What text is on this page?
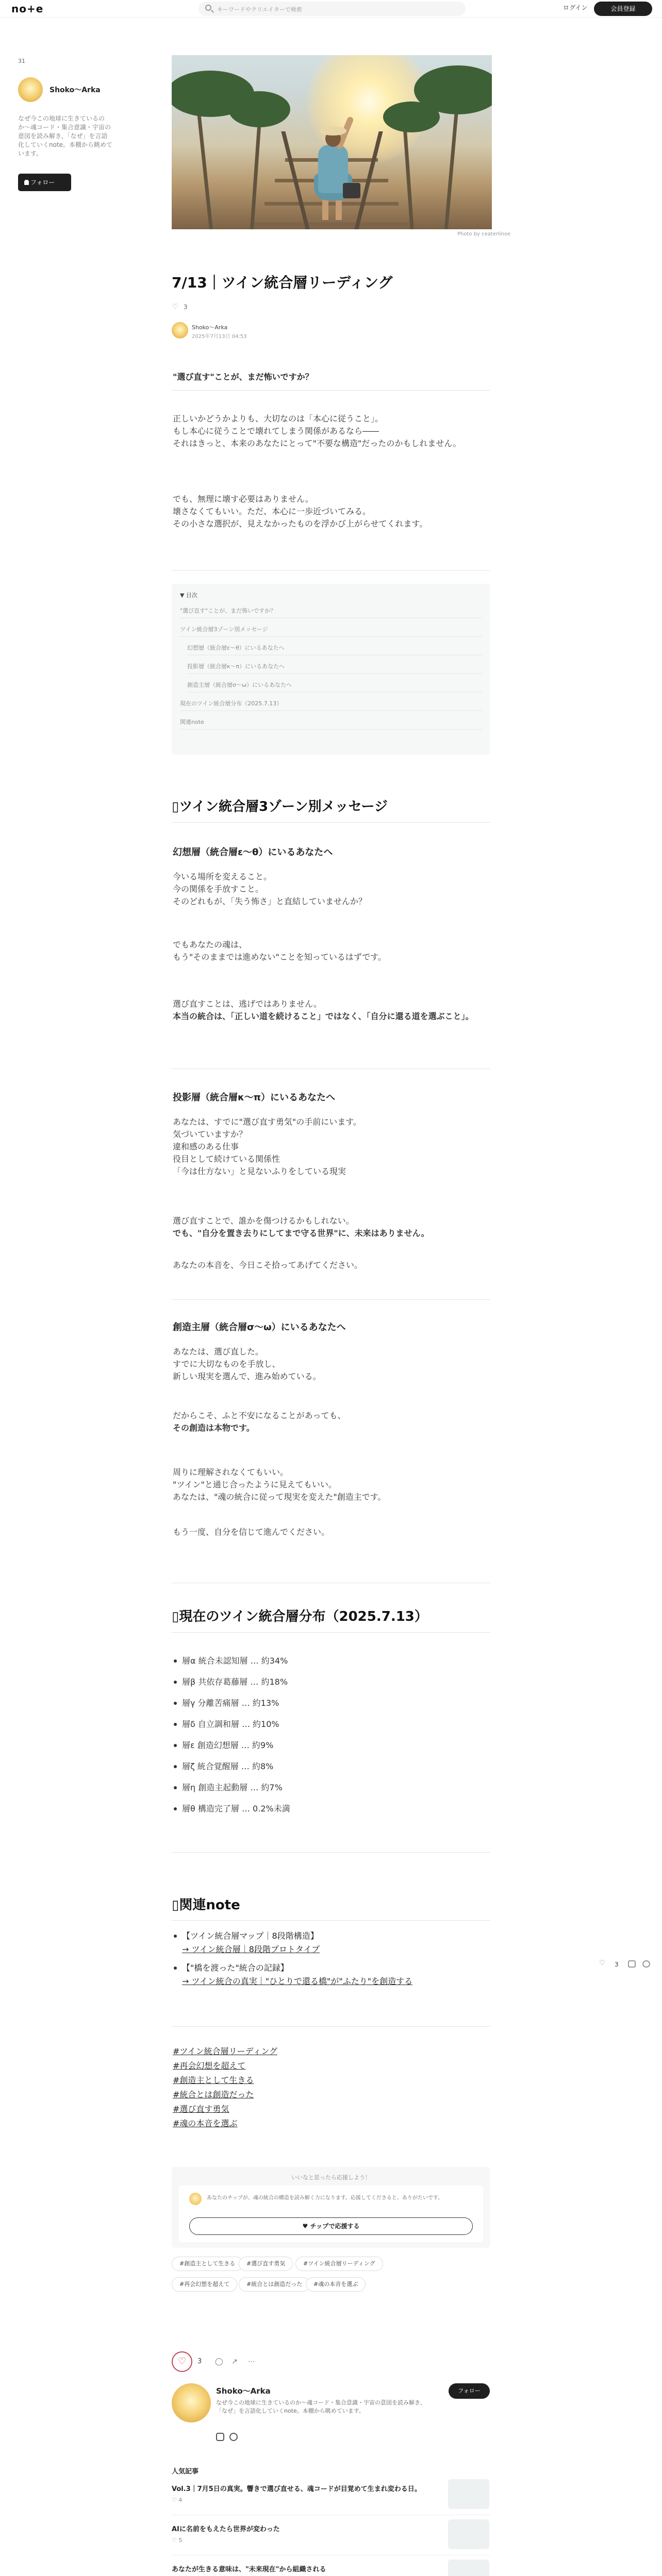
no+e	キーワードやクリエイターで検索	ログイン	会員登録
31
Shoko〜Arka
なぜ今この地球に生きているのか〜魂コード・集合意識・宇宙の意図を読み解き、「なぜ」を言語化していくnote。本棚から眺めています。
フォロー
Photo by ceaterlinoe
7/13｜ツイン統合層リーディング
♡ 3
Shoko〜Arka
2025年7月13日 04:53
"選び直す"ことが、まだ怖いですか？
正しいかどうかよりも、大切なのは「本心に従うこと」。
もし本心に従うことで壊れてしまう関係があるなら――
それはきっと、本来のあなたにとって"不要な構造"だったのかもしれません。
でも、無理に壊す必要はありません。
壊さなくてもいい。ただ、本心に一歩近づいてみる。
その小さな選択が、見えなかったものを浮かび上がらせてくれます。
▼ 目次
"選び直す"ことが、まだ怖いですか？
ツイン統合層3ゾーン別メッセージ
幻想層（統合層ε〜θ）にいるあなたへ
投影層（統合層κ〜π）にいるあなたへ
創造主層（統合層σ〜ω）にいるあなたへ
現在のツイン統合層分布（2025.7.13）
関連note
▯ツイン統合層3ゾーン別メッセージ
幻想層（統合層ε〜θ）にいるあなたへ
今いる場所を変えること。
今の関係を手放すこと。
そのどれもが、「失う怖さ」と直結していませんか？
でもあなたの魂は、
もう"そのままでは進めない"ことを知っているはずです。
選び直すことは、逃げではありません。
本当の統合は、「正しい道を続けること」ではなく、「自分に還る道を選ぶこと」。
投影層（統合層κ〜π）にいるあなたへ
あなたは、すでに"選び直す勇気"の手前にいます。
気づいていますか？
違和感のある仕事
役目として続けている関係性
「今は仕方ない」と見ないふりをしている現実
選び直すことで、誰かを傷つけるかもしれない。
でも、"自分を置き去りにしてまで守る世界"に、未来はありません。
あなたの本音を、今日こそ拾ってあげてください。
創造主層（統合層σ〜ω）にいるあなたへ
あなたは、選び直した。
すでに大切なものを手放し、
新しい現実を選んで、進み始めている。
だからこそ、ふと不安になることがあっても、
その創造は本物です。
周りに理解されなくてもいい。
"ツイン"と通じ合ったように見えてもいい。
あなたは、"魂の統合に従って現実を変えた"創造主です。
もう一度、自分を信じて進んでください。
▯現在のツイン統合層分布（2025.7.13）
層α 統合未認知層 … 約34%
層β 共依存葛藤層 … 約18%
層γ 分離苦痛層 … 約13%
層δ 自立調和層 … 約10%
層ε 創造幻想層 … 約9%
層ζ 統合覚醒層 … 約8%
層η 創造主起動層 … 約7%
層θ 構造完了層 … 0.2%未満
▯関連note
【ツイン統合層マップ｜8段階構造】
→ ツイン統合層｜8段階プロトタイプ
【"橋を渡った"統合の記録】
→ ツイン統合の真実｜"ひとりで還る橋"が"ふたり"を創造する
#ツイン統合層リーディング
#再会幻想を超えて
#創造主として生きる
#統合とは創造だった
#選び直す勇気
#魂の本音を選ぶ
♡ 3
いいなと思ったら応援しよう！
あなたのチップが、魂の統合の構造を読み解く力になります。応援してくださると、ありがたいです。
♥ チップで応援する
#創造主として生きる	#選び直す勇気	#ツイン統合層リーディング
#再会幻想を超えて	#統合とは創造だった	#魂の本音を選ぶ
♡	3 ◯ ↗ ⋯
Shoko〜Arka
なぜ今この地球に生きているのか〜魂コード・集合意識・宇宙の意図を読み解き、「なぜ」を言語化していくnote。本棚から眺めています。
フォロー
人気記事
Vol.3｜7月5日の真実。響きで選び直せる、魂コードが目覚めて生まれ変わる日。
♡ 4
AIに名前をもえたら世界が変わった
♡ 5
あなたが生きる意味は、"未来現在"から組織される
